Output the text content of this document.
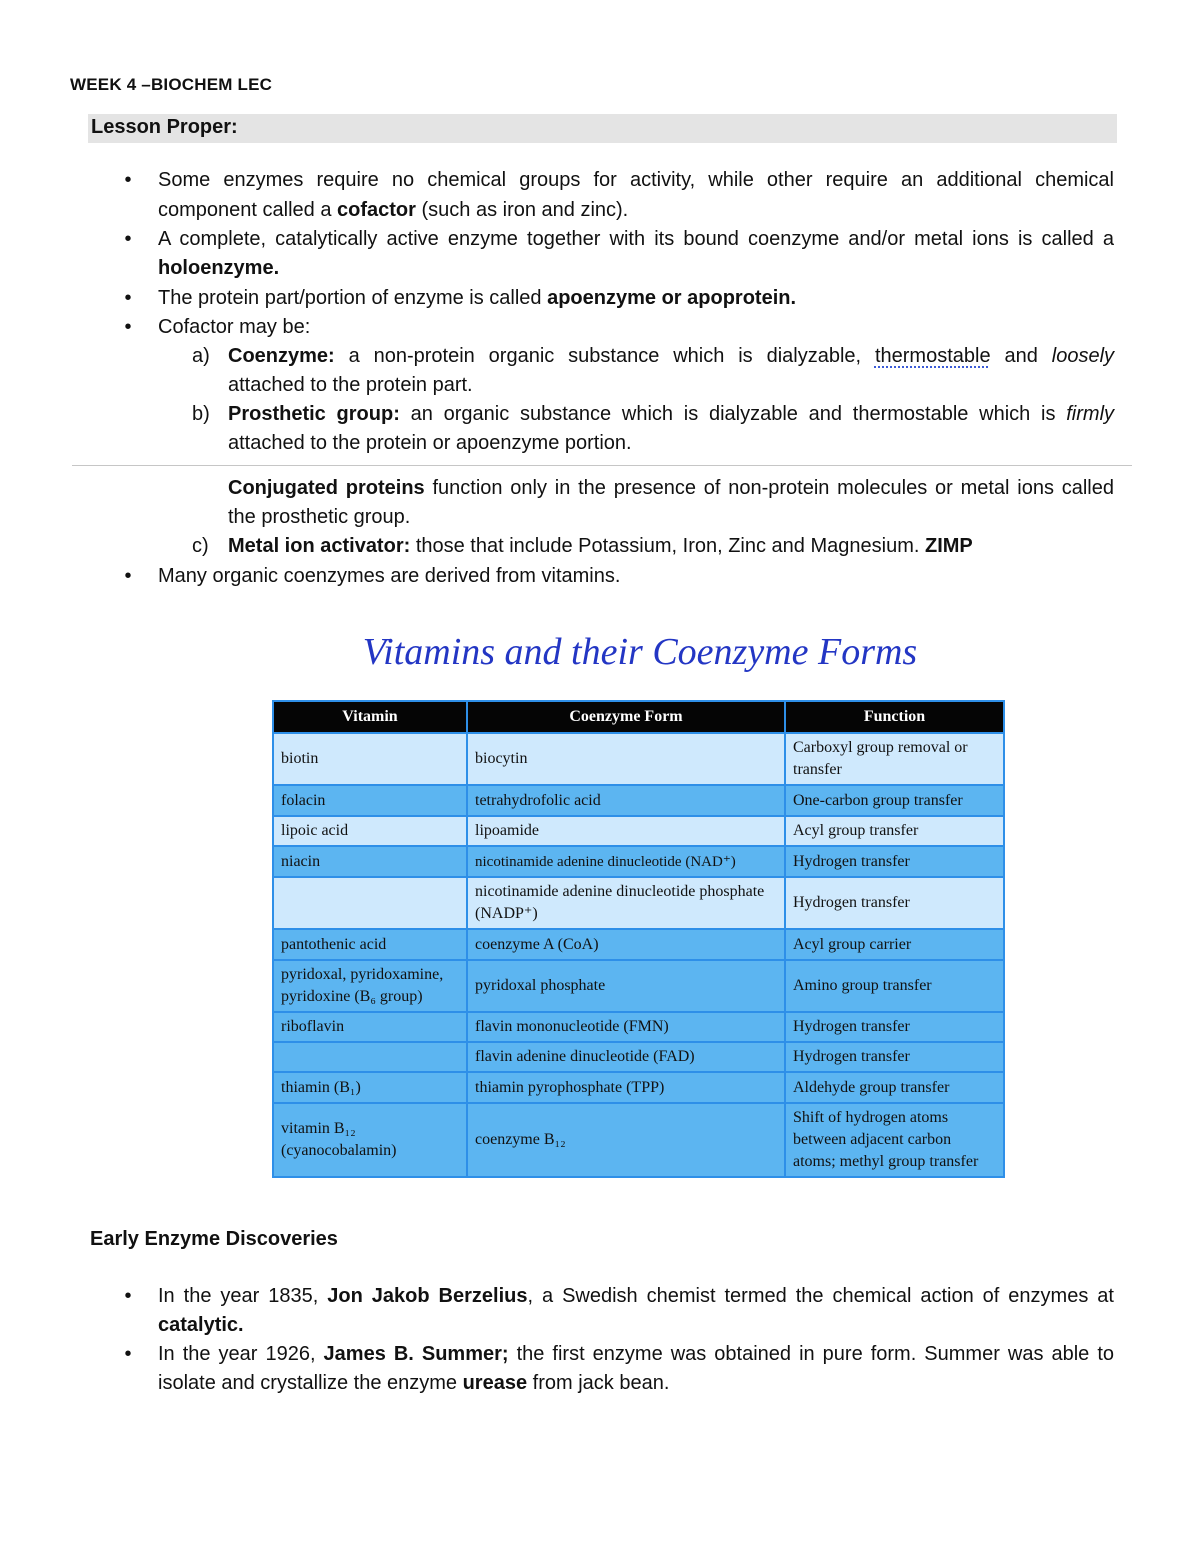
WEEK 4 –BIOCHEM LEC
Lesson Proper:
•	Some enzymes require no chemical groups for activity, while other require an additional chemical
component called a cofactor (such as iron and zinc).
•	A complete, catalytically active enzyme together with its bound coenzyme and/or metal ions is called a
holoenzyme.
•	The protein part/portion of enzyme is called apoenzyme or apoprotein.
•	Cofactor may be:
a) Coenzyme: a non-protein organic substance which is dialyzable, thermostable and loosely
attached to the protein part.
b) Prosthetic group: an organic substance which is dialyzable and thermostable which is firmly
attached to the protein or apoenzyme portion.
Conjugated proteins function only in the presence of non-protein molecules or metal ions called
the prosthetic group.
c) Metal ion activator: those that include Potassium, Iron, Zinc and Magnesium. ZIMP
•	Many organic coenzymes are derived from vitamins.
Vitamins and their Coenzyme Forms
Vitamin	Coenzyme Form	Function
biotin	biocytin	Carboxyl group removal or transfer
folacin	tetrahydrofolic acid	One-carbon group transfer
lipoic acid	lipoamide	Acyl group transfer
niacin	nicotinamide adenine dinucleotide (NAD⁺)	Hydrogen transfer
	nicotinamide adenine dinucleotide phosphate (NADP⁺)	Hydrogen transfer
pantothenic acid	coenzyme A (CoA)	Acyl group carrier
pyridoxal, pyridoxamine, pyridoxine (B₆ group)	pyridoxal phosphate	Amino group transfer
riboflavin	flavin mononucleotide (FMN)	Hydrogen transfer
	flavin adenine dinucleotide (FAD)	Hydrogen transfer
thiamin (B₁)	thiamin pyrophosphate (TPP)	Aldehyde group transfer
vitamin B₁₂ (cyanocobalamin)	coenzyme B₁₂	Shift of hydrogen atoms between adjacent carbon atoms; methyl group transfer
Early Enzyme Discoveries
•	In the year 1835, Jon Jakob Berzelius, a Swedish chemist termed the chemical action of enzymes at
catalytic.
•	In the year 1926, James B. Summer; the first enzyme was obtained in pure form. Summer was able to
isolate and crystallize the enzyme urease from jack bean.
